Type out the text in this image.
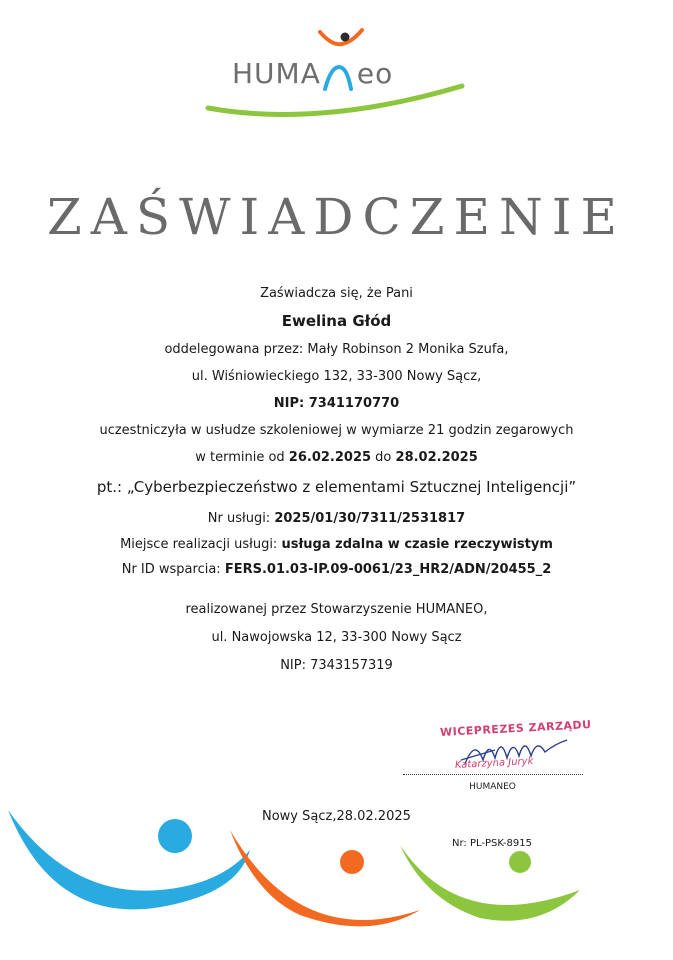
HUMA eo
ZAŚWIADCZENIE
Zaświadcza się, że Pani
Ewelina Głód
oddelegowana przez: Mały Robinson 2 Monika Szufa,
ul. Wiśniowieckiego 132, 33-300 Nowy Sącz,
NIP: 7341170770
uczestniczyła w usłudze szkoleniowej w wymiarze 21 godzin zegarowych
w terminie od 26.02.2025 do 28.02.2025
pt.: „Cyberbezpieczeństwo z elementami Sztucznej Inteligencji”
Nr usługi: 2025/01/30/7311/2531817
Miejsce realizacji usługi: usługa zdalna w czasie rzeczywistym
Nr ID wsparcia: FERS.01.03-IP.09-0061/23_HR2/ADN/20455_2
realizowanej przez Stowarzyszenie HUMANEO,
ul. Nawojowska 12, 33-300 Nowy Sącz
NIP: 7343157319
WICEPREZES ZARZĄDU
Katarzyna Juryk
HUMANEO
Nowy Sącz,28.02.2025
Nr: PL-PSK-8915
